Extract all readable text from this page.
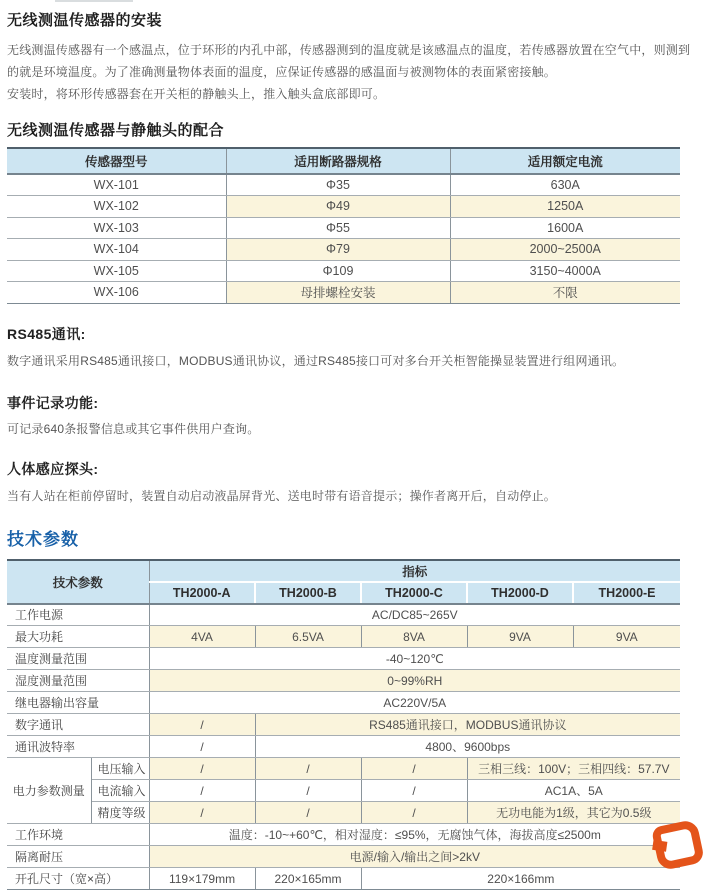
无线测温传感器的安装
无线测温传感器有一个感温点，位于环形的内孔中部，传感器测到的温度就是该感温点的温度，若传感器放置在空气中，则测到
的就是环境温度。为了准确测量物体表面的温度，应保证传感器的感温面与被测物体的表面紧密接触。
安装时，将环形传感器套在开关柜的静触头上，推入触头盒底部即可。
无线测温传感器与静触头的配合
传感器型号	适用断路器规格	适用额定电流
WX-101	Φ35	630A
WX-102	Φ49	1250A
WX-103	Φ55	1600A
WX-104	Φ79	2000~2500A
WX-105	Φ109	3150~4000A
WX-106	母排螺栓安装	不限
RS485通讯:
数字通讯采用RS485通讯接口，MODBUS通讯协议，通过RS485接口可对多台开关柜智能操显装置进行组网通讯。
事件记录功能:
可记录640条报警信息或其它事件供用户查询。
人体感应探头:
当有人站在柜前停留时，装置自动启动液晶屏背光、送电时带有语音提示；操作者离开后，自动停止。
技术参数
技术参数		指标				
		TH2000-A	TH2000-B	TH2000-C	TH2000-D	TH2000-E
工作电源		AC/DC85~265V				
最大功耗		4VA	6.5VA	8VA	9VA	9VA
温度测量范围		-40~120℃				
湿度测量范围		0~99%RH				
继电器输出容量		AC220V/5A				
数字通讯		/	RS485通讯接口，MODBUS通讯协议			
通讯波特率		/	4800、9600bps			
电力参数测量	电压输入	/	/	/	三相三线：100V；三相四线：57.7V	
	电流输入	/	/	/	AC1A、5A	
	精度等级	/	/	/	无功电能为1级，其它为0.5级	
工作环境		温度：-10~+60℃，相对湿度：≤95%，无腐蚀气体，海拔高度≤2500m				
隔离耐压		电源/输入/输出之间>2kV				
开孔尺寸（宽×高）		119×179mm	220×165mm	220×166mm		
